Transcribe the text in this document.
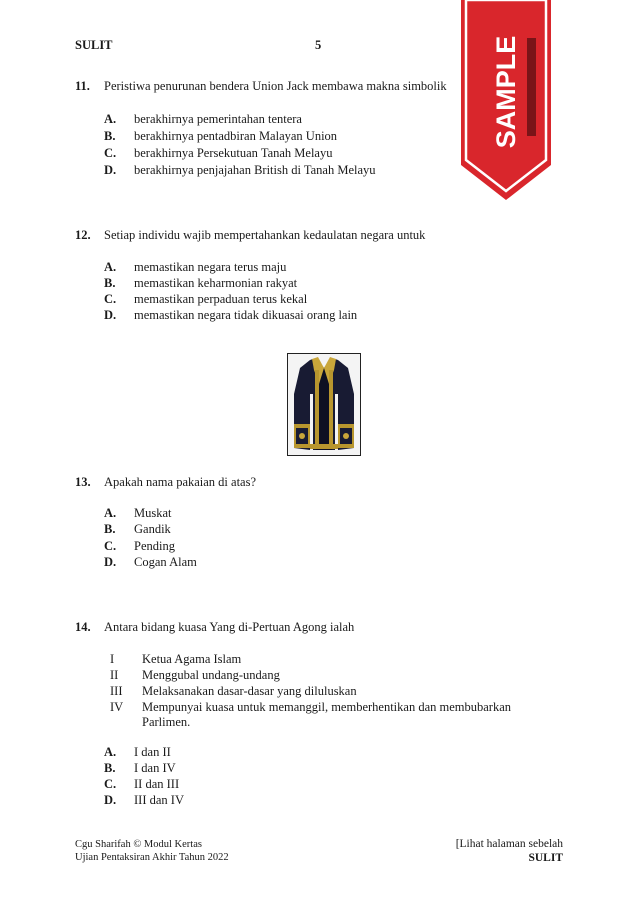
SULIT	5	SAMPLE
11. Peristiwa penurunan bendera Union Jack membawa makna simbolik
A. berakhirnya pemerintahan tentera
B. berakhirnya pentadbiran Malayan Union
C. berakhirnya Persekutuan Tanah Melayu
D. berakhirnya penjajahan British di Tanah Melayu
12. Setiap individu wajib mempertahankan kedaulatan negara untuk
A. memastikan negara terus maju
B. memastikan keharmonian rakyat
C. memastikan perpaduan terus kekal
D. memastikan negara tidak dikuasai orang lain
13. Apakah nama pakaian di atas?
A. Muskat
B. Gandik
C. Pending
D. Cogan Alam
14. Antara bidang kuasa Yang di-Pertuan Agong ialah
I Ketua Agama Islam
II Menggubal undang-undang
III Melaksanakan dasar-dasar yang diluluskan
IV Mempunyai kuasa untuk memanggil, memberhentikan dan membubarkan Parlimen.
A. I dan II
B. I dan IV
C. II dan III
D. III dan IV
Cgu Sharifah © Modul Kertas
Ujian Pentaksiran Akhir Tahun 2022
[Lihat halaman sebelah
SULIT
